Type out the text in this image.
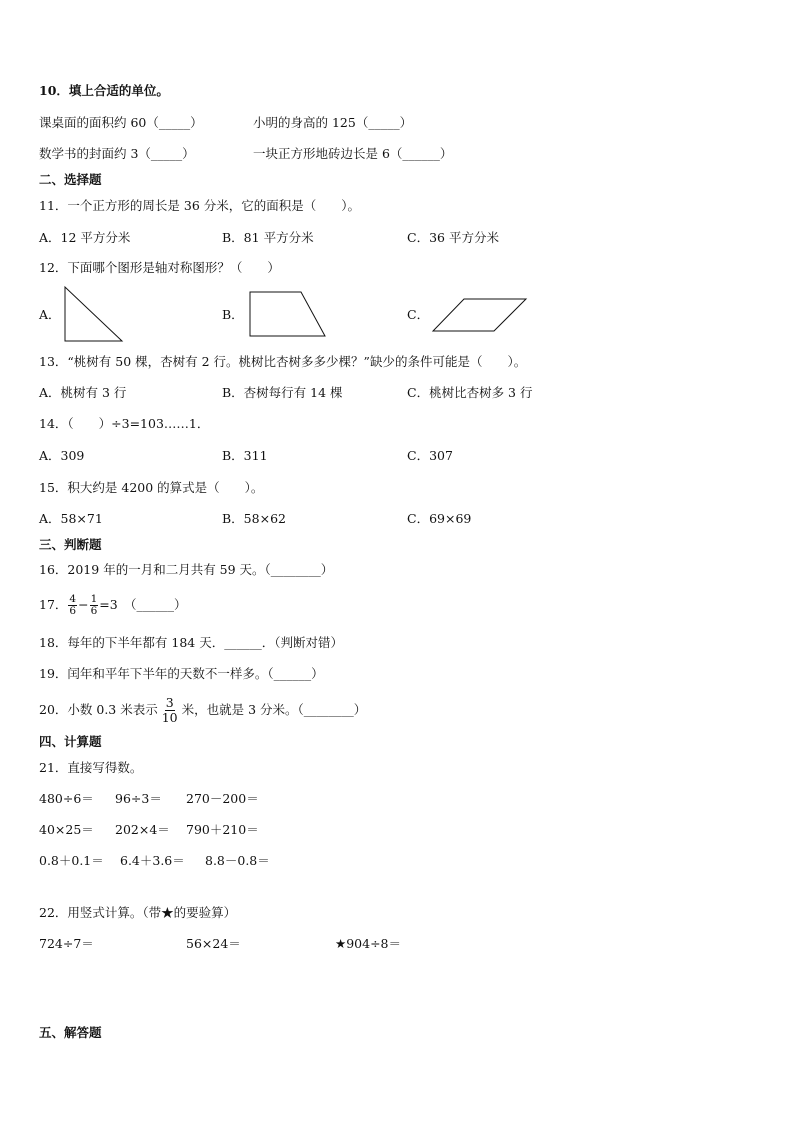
10．填上合适的单位。
课桌面的面积约 60（_____）	小明的身高的 125（_____）
数学书的封面约 3（_____）	一块正方形地砖边长是 6（______）
二、选择题
11．一个正方形的周长是 36 分米，它的面积是（　　）。
A．12 平方分米	B．81 平方分米	C．36 平方分米
12．下面哪个图形是轴对称图形？（　　）
A．	B．	C．
13．“桃树有 50 棵，杏树有 2 行。桃树比杏树多多少棵？”缺少的条件可能是（　　）。
A．桃树有 3 行	B．杏树每行有 14 棵	C．桃树比杏树多 3 行
14．（　　）÷3=103……1．
A．309	B．311	C．307
15．积大约是 4200 的算式是（　　）。
A．58×71	B．58×62	C．69×69
三、判断题
16．2019 年的一月和二月共有 59 天。（________）
17． $\frac{4}{6} - \frac{1}{6} =3$　（______）
18．每年的下半年都有 184 天．______．（判断对错）
19．闰年和平年下半年的天数不一样多。（______）
20．小数 0.3 米表示 $\frac{3}{10}$ 米，也就是 3 分米。（________）
四、计算题
21．直接写得数。
480÷6＝ 96÷3＝ 270－200＝
40×25＝ 202×4＝ 790＋210＝
0.8＋0.1＝ 6.4＋3.6＝ 8.8－0.8＝
22．用竖式计算。（带★的要验算）
724÷7＝	56×24＝	★904÷8＝
五、解答题
